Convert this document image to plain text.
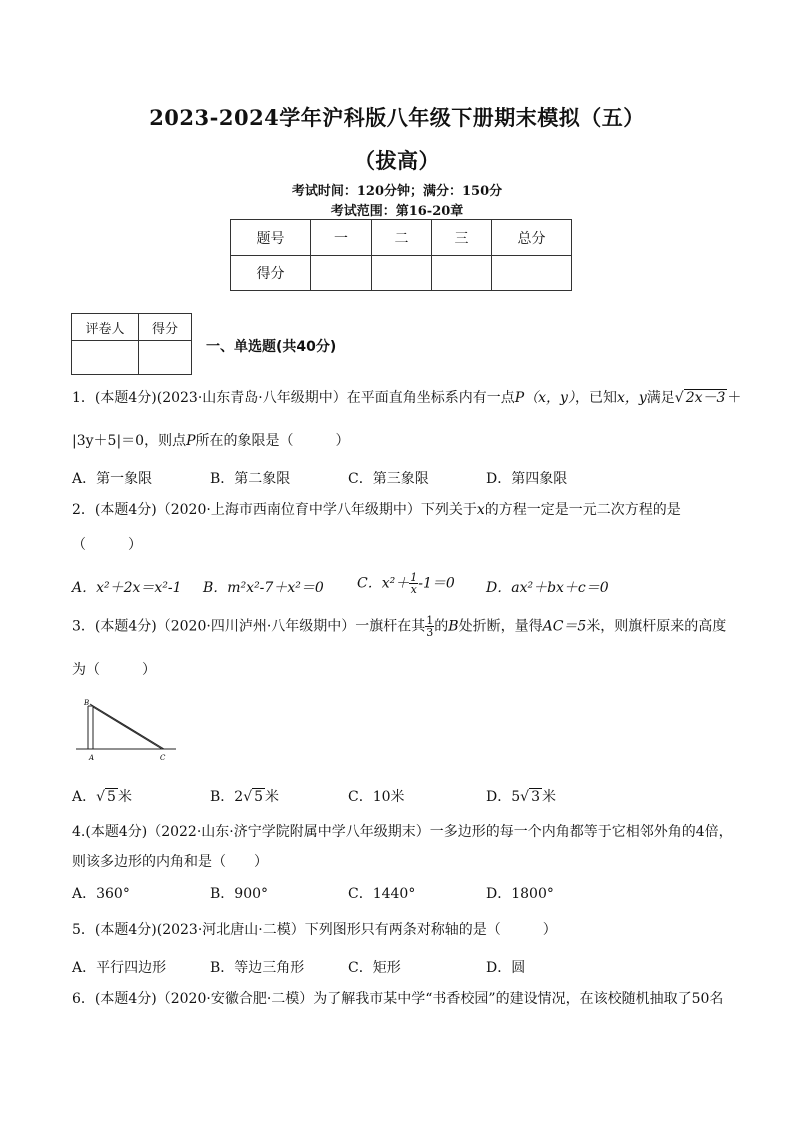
2023-2024学年沪科版八年级下册期末模拟（五）
（拔高）
考试时间：120分钟；满分：150分
考试范围：第16-20章
题号	一	二	三	总分
得分				
评卷人	得分

一、单选题(共40分)
1．(本题4分)(2023·山东青岛·八年级期中）在平面直角坐标系内有一点P（x，y），已知x，y满足√ 2x－3 ＋
|3y＋5|＝0，则点P所在的象限是（　　　）
A．第一象限	B．第二象限	C．第三象限	D．第四象限
2．(本题4分)（2020·上海市西南位育中学八年级期中）下列关于x的方程一定是一元二次方程的是
（　　　）
A．x²＋2x＝x²-1 B．m²x²-7＋x²＝0 C．$x^2+ \frac{1}{x} -1=0$ D．ax²＋bx＋c＝0
3．(本题4分)（2020·四川泸州·八年级期中）一旗杆在其 $\frac{1}{3}$ 的B处折断，量得AC＝5米，则旗杆原来的高度
为（　　　）
B
A	C
A．√ 5 米	B．2√ 5 米	C．10米	D．5√ 3 米
4.(本题4分)（2022·山东·济宁学院附属中学八年级期末）一多边形的每一个内角都等于它相邻外角的4倍，
则该多边形的内角和是（　　）
A．360°	B．900°	C．1440°	D．1800°
5．(本题4分)(2023·河北唐山·二模）下列图形只有两条对称轴的是（　　　）
A．平行四边形	B．等边三角形	C．矩形	D．圆
6．(本题4分)（2020·安徽合肥·二模）为了解我市某中学“书香校园”的建设情况，在该校随机抽取了50名
